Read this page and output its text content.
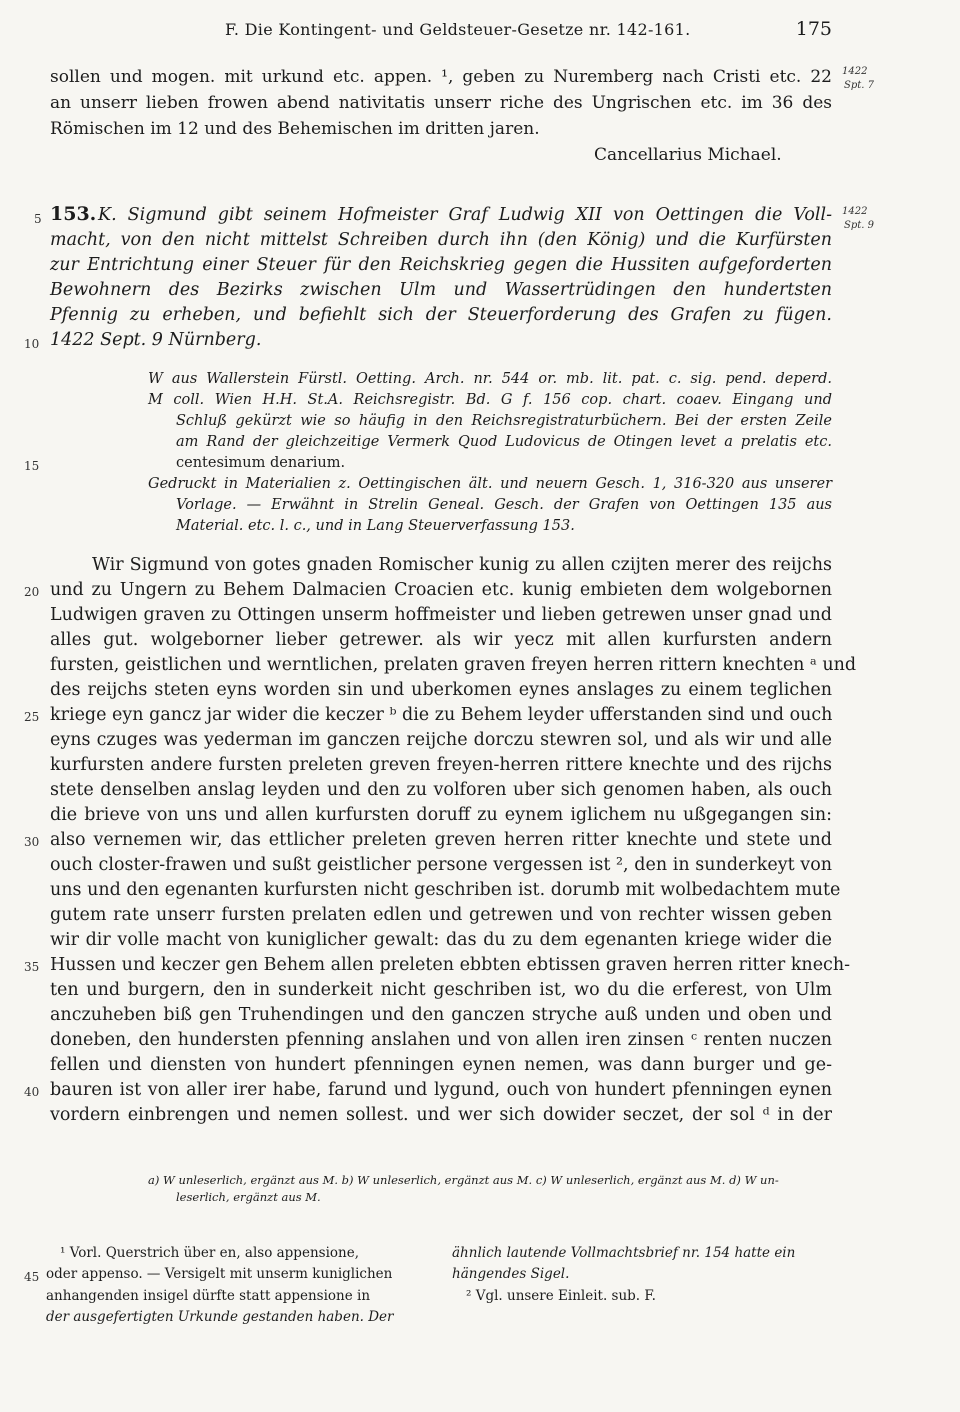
F. Die Kontingent- und Geldsteuer-Gesetze nr. 142-161.	175
sollen und mogen. mit urkund etc. appen. ¹, geben zu Nuremberg nach Cristi etc. 22
an unserr lieben frowen abend nativitatis unserr riche des Ungrischen etc. im 36 des
Römischen im 12 und des Behemischen im dritten jaren.
Cancellarius Michael.
1422
Spt. 7
1422
Spt. 9
153. K. Sigmund gibt seinem Hofmeister Graf Ludwig XII von Oettingen die Voll-
macht, von den nicht mittelst Schreiben durch ihn (den König) und die Kurfürsten
zur Entrichtung einer Steuer für den Reichskrieg gegen die Hussiten aufgeforderten
Bewohnern des Bezirks zwischen Ulm und Wassertrüdingen den hundertsten
Pfennig zu erheben, und befiehlt sich der Steuerforderung des Grafen zu fügen.
1422 Sept. 9 Nürnberg.
W aus Wallerstein Fürstl. Oetting. Arch. nr. 544 or. mb. lit. pat. c. sig. pend. deperd.
M coll. Wien H.H. St.A. Reichsregistr. Bd. G f. 156 cop. chart. coaev. Eingang und
Schluß gekürzt wie so häufig in den Reichsregistraturbüchern. Bei der ersten Zeile
am Rand der gleichzeitige Vermerk Quod Ludovicus de Otingen levet a prelatis etc.
centesimum denarium.
Gedruckt in Materialien z. Oettingischen ält. und neuern Gesch. 1, 316-320 aus unserer
Vorlage. — Erwähnt in Strelin Geneal. Gesch. der Grafen von Oettingen 135 aus
Material. etc. l. c., und in Lang Steuerverfassung 153.
Wir Sigmund von gotes gnaden Romischer kunig zu allen czijten merer des reijchs
und zu Ungern zu Behem Dalmacien Croacien etc. kunig embieten dem wolgebornen
Ludwigen graven zu Ottingen unserm hoffmeister und lieben getrewen unser gnad und
alles gut. wolgeborner lieber getrewer. als wir yecz mit allen kurfursten andern
fursten, geistlichen und werntlichen, prelaten graven freyen herren rittern knechten ᵃ und
des reijchs steten eyns worden sin und uberkomen eynes anslages zu einem teglichen
kriege eyn gancz jar wider die keczer ᵇ die zu Behem leyder ufferstanden sind und ouch
eyns czuges was yederman im ganczen reijche dorczu stewren sol, und als wir und alle
kurfursten andere fursten preleten greven freyen-herren rittere knechte und des rijchs
stete denselben anslag leyden und den zu volforen uber sich genomen haben, als ouch
die brieve von uns und allen kurfursten doruff zu eynem iglichem nu ußgegangen sin:
also vernemen wir, das ettlicher preleten greven herren ritter knechte und stete und
ouch closter-frawen und sußt geistlicher persone vergessen ist ², den in sunderkeyt von
uns und den egenanten kurfursten nicht geschriben ist. dorumb mit wolbedachtem mute
gutem rate unserr fursten prelaten edlen und getrewen und von rechter wissen geben
wir dir volle macht von kuniglicher gewalt: das du zu dem egenanten kriege wider die
Hussen und keczer gen Behem allen preleten ebbten ebtissen graven herren ritter knech-
ten und burgern, den in sunderkeit nicht geschriben ist, wo du die erferest, von Ulm
anczuheben biß gen Truhendingen und den ganczen stryche auß unden und oben und
doneben, den hundersten pfenning anslahen und von allen iren zinsen ᶜ renten nuczen
fellen und diensten von hundert pfenningen eynen nemen, was dann burger und ge-
bauren ist von aller irer habe, farund und lygund, ouch von hundert pfenningen eynen
vordern einbrengen und nemen sollest. und wer sich dowider seczet, der sol ᵈ in der
5
10
15
20
25
30
35
40
45
a) W unleserlich, ergänzt aus M. b) W unleserlich, ergänzt aus M. c) W unleserlich, ergänzt aus M. d) W un-
leserlich, ergänzt aus M.
¹ Vorl. Querstrich über en, also appensione,
oder appenso. — Versigelt mit unserm kuniglichen
anhangenden insigel dürfte statt appensione in
der ausgefertigten Urkunde gestanden haben. Der
ähnlich lautende Vollmachtsbrief nr. 154 hatte ein
hängendes Sigel.
² Vgl. unsere Einleit. sub. F.
